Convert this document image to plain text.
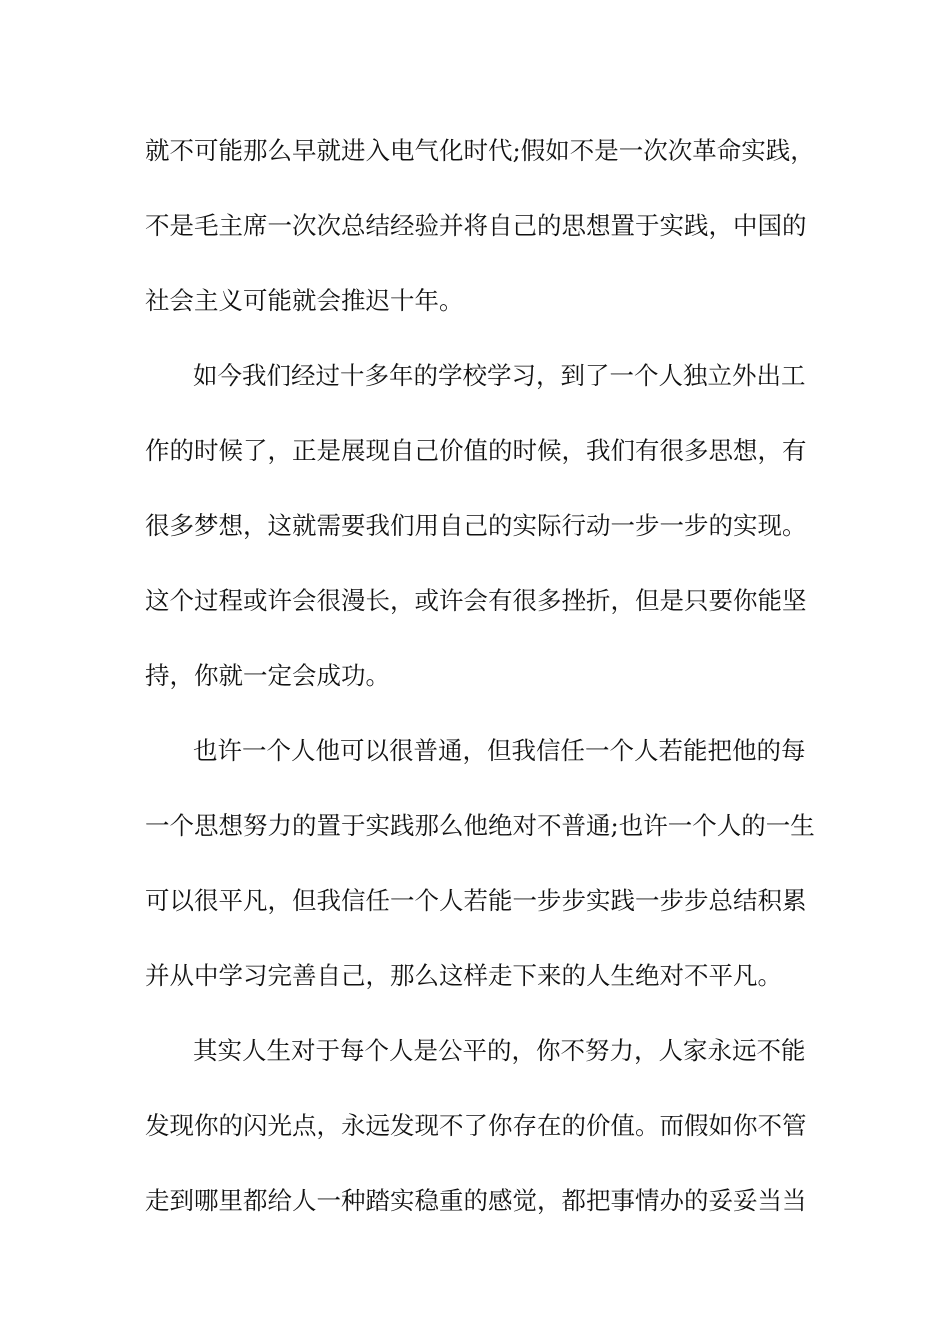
就不可能那么早就进入电气化时代;假如不是一次次革命实践，
不是毛主席一次次总结经验并将自己的思想置于实践，中国的
社会主义可能就会推迟十年。
如今我们经过十多年的学校学习，到了一个人独立外出工
作的时候了，正是展现自己价值的时候，我们有很多思想，有
很多梦想，这就需要我们用自己的实际行动一步一步的实现。
这个过程或许会很漫长，或许会有很多挫折，但是只要你能坚
持，你就一定会成功。
也许一个人他可以很普通，但我信任一个人若能把他的每
一个思想努力的置于实践那么他绝对不普通;也许一个人的一生
可以很平凡，但我信任一个人若能一步步实践一步步总结积累
并从中学习完善自己，那么这样走下来的人生绝对不平凡。
其实人生对于每个人是公平的，你不努力，人家永远不能
发现你的闪光点，永远发现不了你存在的价值。而假如你不管
走到哪里都给人一种踏实稳重的感觉，都把事情办的妥妥当当
